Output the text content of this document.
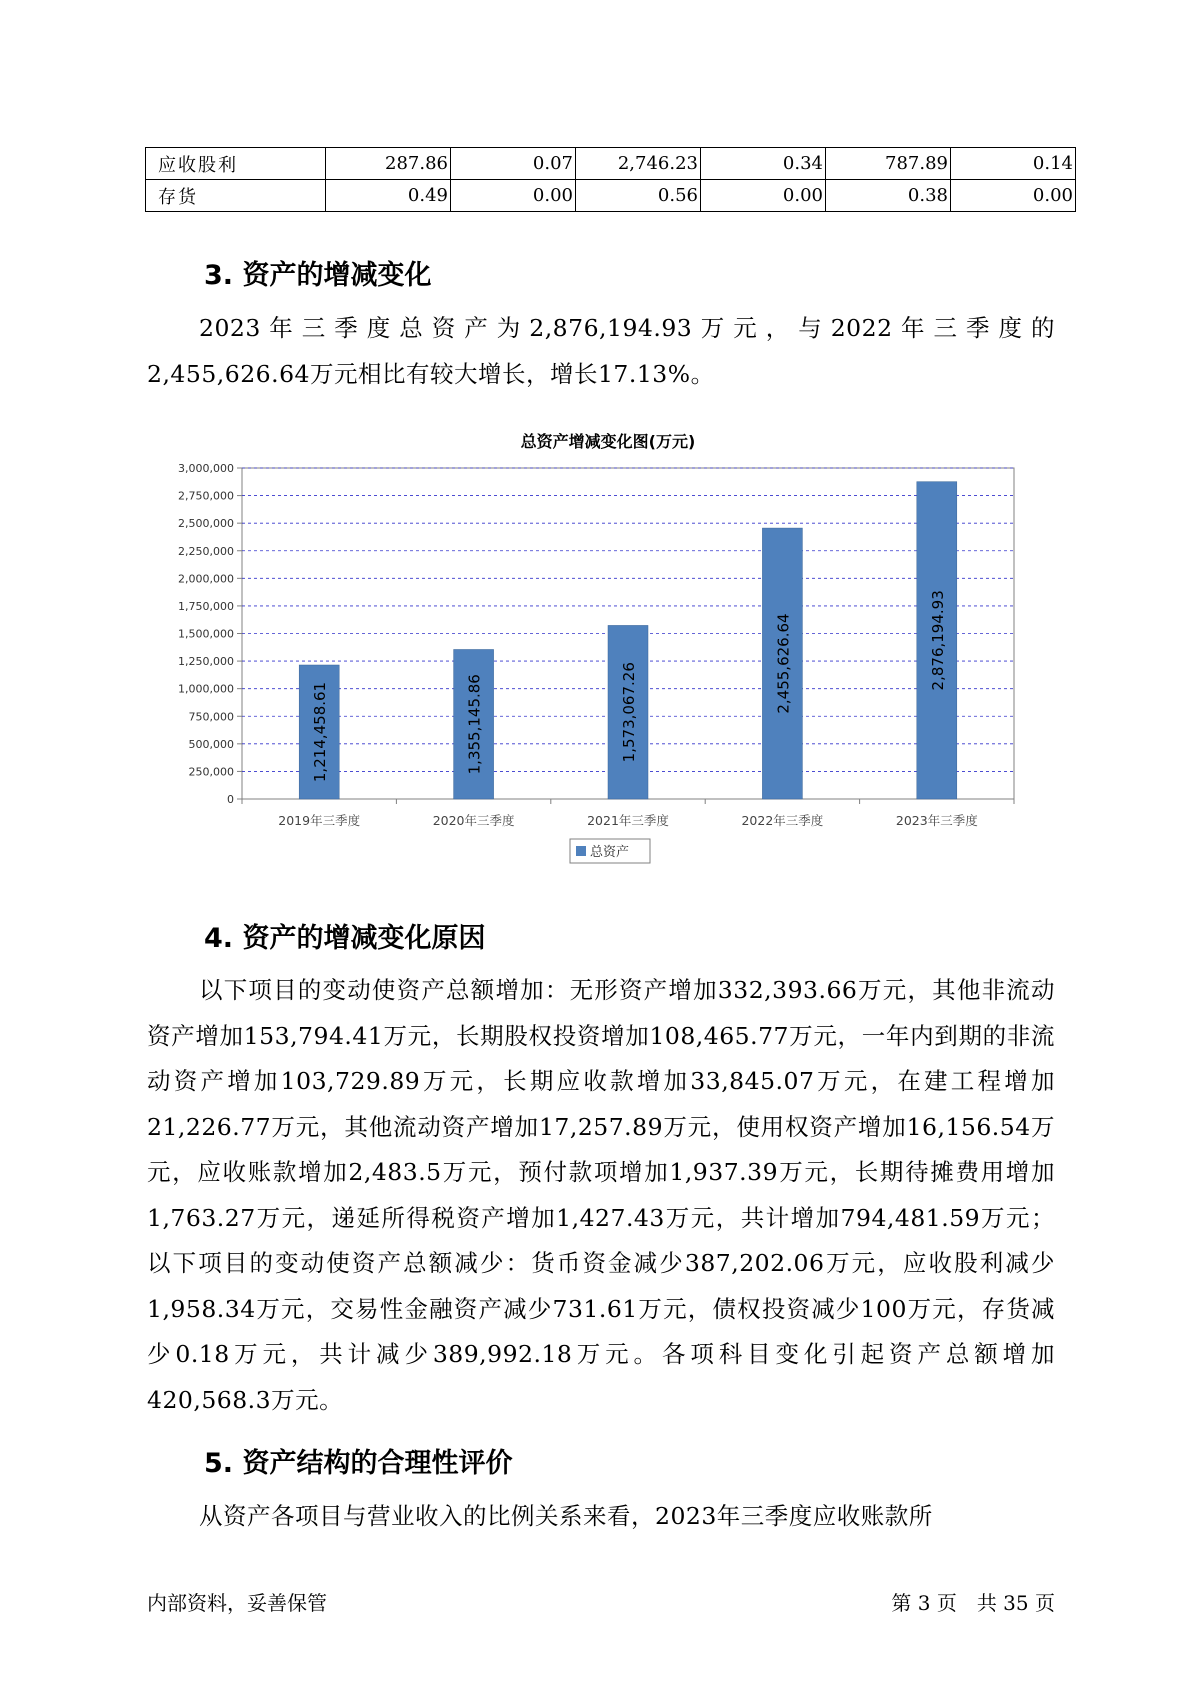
应收股利	287.86	0.07	2,746.23	0.34	787.89	0.14
存货	0.49	0.00	0.56	0.00	0.38	0.00
3. 资产的增减变化

2023年三季度总资产为2,876,194.93万元，与2022年三季度的2,455,626.64万元相比有较大增长，增长17.13%。

总资产增减变化图(万元)
0
250,000
500,000
750,000
1,000,000
1,250,000
1,500,000
1,750,000
2,000,000
2,250,000
2,500,000
2,750,000
3,000,000
2019年三季度
1,214,458.61
2020年三季度
1,355,145.86
2021年三季度
1,573,067.26
2022年三季度
2,455,626.64
2023年三季度
2,876,194.93
总资产
4. 资产的增减变化原因

以下项目的变动使资产总额增加：无形资产增加332,393.66万元，其他非流动资产增加153,794.41万元，长期股权投资增加108,465.77万元，一年内到期的非流动资产增加103,729.89万元，长期应收款增加33,845.07万元，在建工程增加21,226.77万元，其他流动资产增加17,257.89万元，使用权资产增加16,156.54万元，应收账款增加2,483.5万元，预付款项增加1,937.39万元，长期待摊费用增加1,763.27万元，递延所得税资产增加1,427.43万元，共计增加794,481.59万元；以下项目的变动使资产总额减少：货币资金减少387,202.06万元，应收股利减少1,958.34万元，交易性金融资产减少731.61万元，债权投资减少100万元，存货减少0.18万元，共计减少389,992.18万元。各项科目变化引起资产总额增加420,568.3万元。

5. 资产结构的合理性评价

从资产各项目与营业收入的比例关系来看，2023年三季度应收账款所

内部资料，妥善保管	第 3 页　共 35 页
